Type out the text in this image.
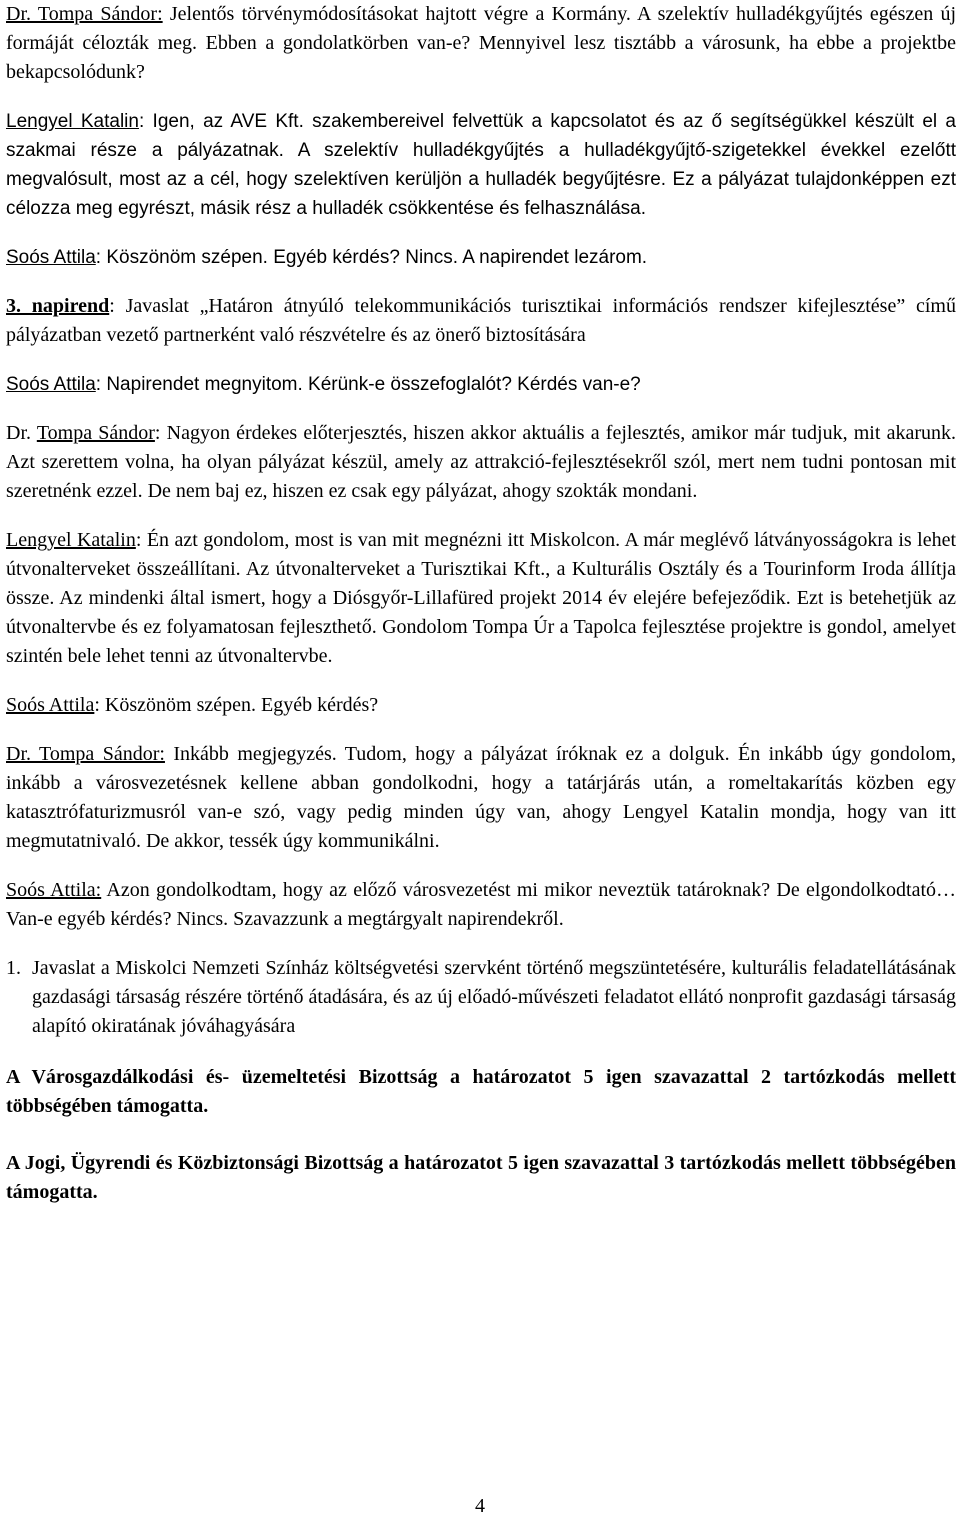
Dr. Tompa Sándor: Jelentős törvénymódosításokat hajtott végre a Kormány. A szelektív hulladékgyűjtés egészen új formáját célozták meg. Ebben a gondolatkörben van-e? Mennyivel lesz tisztább a városunk, ha ebbe a projektbe bekapcsolódunk?

Lengyel Katalin: Igen, az AVE Kft. szakembereivel felvettük a kapcsolatot és az ő segítségükkel készült el a szakmai része a pályázatnak. A szelektív hulladékgyűjtés a hulladékgyűjtő-szigetekkel évekkel ezelőtt megvalósult, most az a cél, hogy szelektíven kerüljön a hulladék begyűjtésre. Ez a pályázat tulajdonképpen ezt célozza meg egyrészt, másik rész a hulladék csökkentése és felhasználása.

Soós Attila: Köszönöm szépen. Egyéb kérdés? Nincs. A napirendet lezárom.

3. napirend: Javaslat „Határon átnyúló telekommunikációs turisztikai információs rendszer kifejlesztése” című pályázatban vezető partnerként való részvételre és az önerő biztosítására

Soós Attila: Napirendet megnyitom. Kérünk-e összefoglalót? Kérdés van-e?

Dr. Tompa Sándor: Nagyon érdekes előterjesztés, hiszen akkor aktuális a fejlesztés, amikor már tudjuk, mit akarunk. Azt szerettem volna, ha olyan pályázat készül, amely az attrakció-fejlesztésekről szól, mert nem tudni pontosan mit szeretnénk ezzel. De nem baj ez, hiszen ez csak egy pályázat, ahogy szokták mondani.

Lengyel Katalin: Én azt gondolom, most is van mit megnézni itt Miskolcon. A már meglévő látványosságokra is lehet útvonalterveket összeállítani. Az útvonalterveket a Turisztikai Kft., a Kulturális Osztály és a Tourinform Iroda állítja össze. Az mindenki által ismert, hogy a Diósgyőr-Lillafüred projekt 2014 év elejére befejeződik. Ezt is betehetjük az útvonaltervbe és ez folyamatosan fejleszthető. Gondolom Tompa Úr a Tapolca fejlesztése projektre is gondol, amelyet szintén bele lehet tenni az útvonaltervbe.

Soós Attila: Köszönöm szépen. Egyéb kérdés?

Dr. Tompa Sándor: Inkább megjegyzés. Tudom, hogy a pályázat íróknak ez a dolguk. Én inkább úgy gondolom, inkább a városvezetésnek kellene abban gondolkodni, hogy a tatárjárás után, a romeltakarítás közben egy katasztrófaturizmusról van-e szó, vagy pedig minden úgy van, ahogy Lengyel Katalin mondja, hogy van itt megmutatnivaló. De akkor, tessék úgy kommunikálni.

Soós Attila: Azon gondolkodtam, hogy az előző városvezetést mi mikor neveztük tatároknak? De elgondolkodtató… Van-e egyéb kérdés? Nincs. Szavazzunk a megtárgyalt napirendekről.

1. Javaslat a Miskolci Nemzeti Színház költségvetési szervként történő megszüntetésére, kulturális feladatellátásának gazdasági társaság részére történő átadására, és az új előadó-művészeti feladatot ellátó nonprofit gazdasági társaság alapító okiratának jóváhagyására

A Városgazdálkodási és- üzemeltetési Bizottság a határozatot 5 igen szavazattal 2 tartózkodás mellett többségében támogatta.

A Jogi, Ügyrendi és Közbiztonsági Bizottság a határozatot 5 igen szavazattal 3 tartózkodás mellett többségében támogatta.

4
